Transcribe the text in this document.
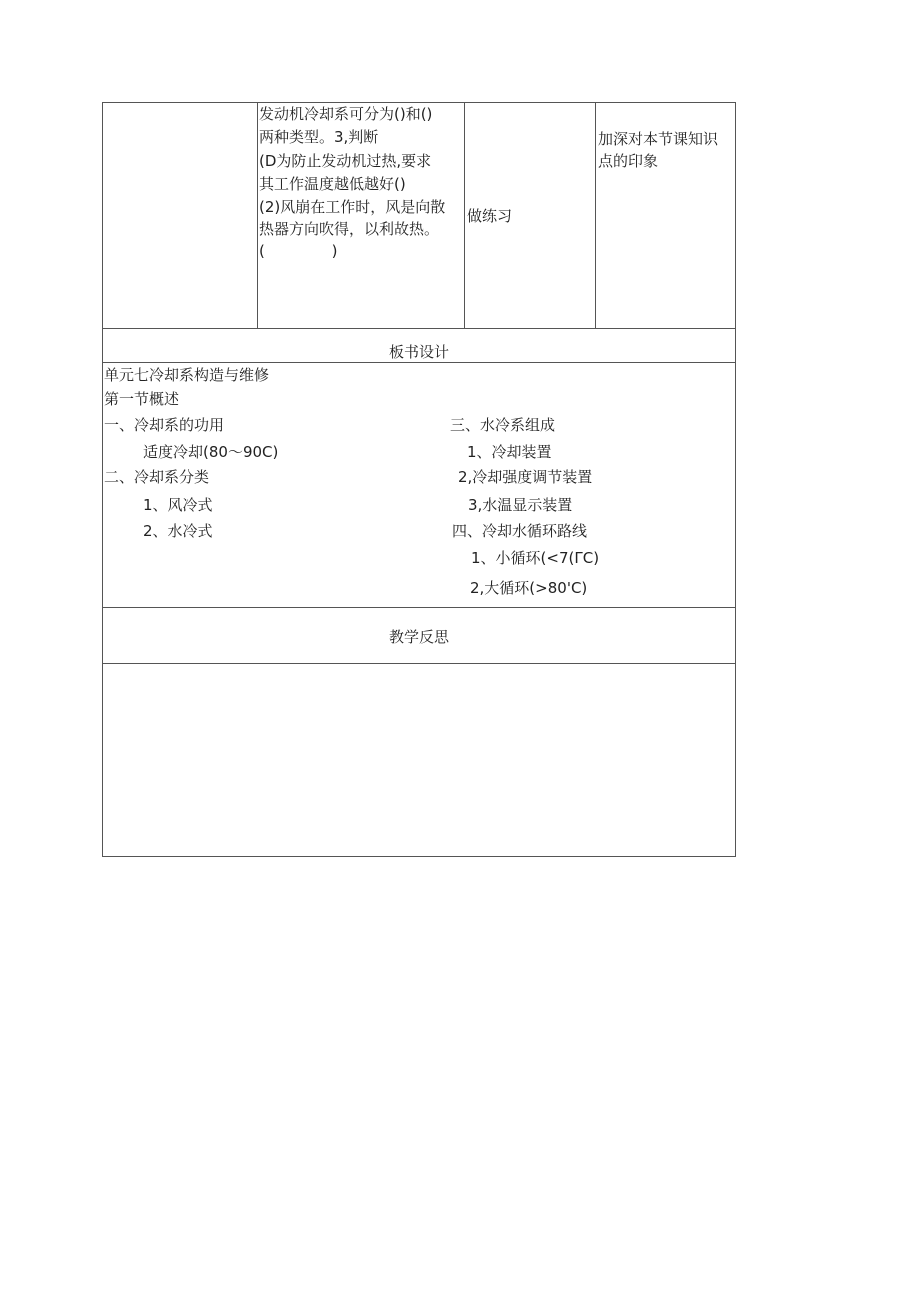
发动机冷却系可分为()和()
两种类型。3,判断
(D为防止发动机过热,要求
其工作温度越低越好()
(2)风崩在工作时，风是向散
热器方向吹得，以利故热。
(              )
做练习
加深对本节课知识
点的印象
板书设计
单元七冷却系构造与维修
第一节概述
一、冷却系的功用
适度冷却(80〜90C)
二、冷却系分类
1、风冷式
2、水冷式
三、水冷系组成
1、冷却装置
2,冷却强度调节装置
3,水温显示装置
四、冷却水循环路线
1、小循环(<7(ΓC)
2,大循环(>80'C)
教学反思
